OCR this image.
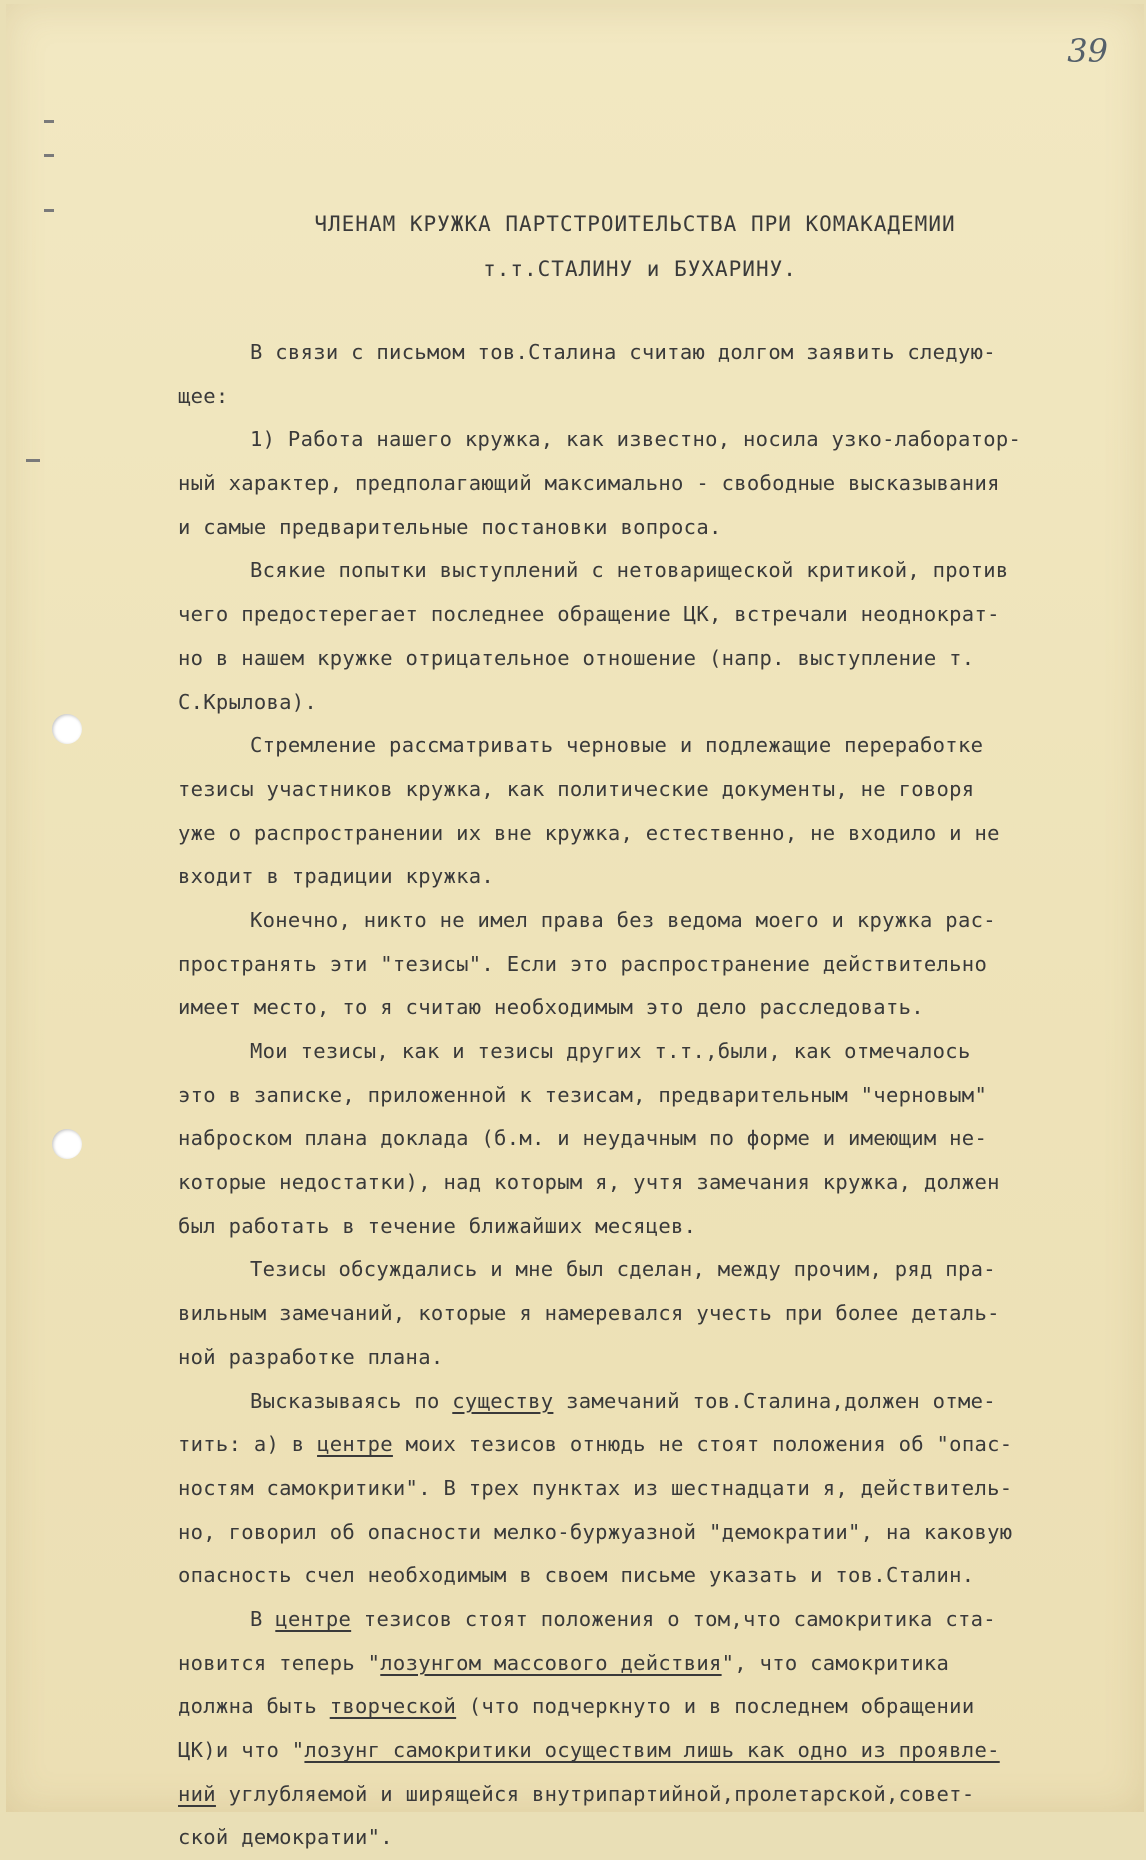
39
ЧЛЕНАМ КРУЖКА ПАРТСТРОИТЕЛЬСТВА ПРИ КОМАКАДЕМИИ
т.т.СТАЛИНУ и БУХАРИНУ.
В связи с письмом тов.Сталина считаю долгом заявить следую-
щее:
1) Работа нашего кружка, как известно, носила узко-лаборатор-
ный характер, предполагающий максимально - свободные высказывания
и самые предварительные постановки вопроса.
Всякие попытки выступлений с нетоварищеской критикой, против
чего предостерегает последнее обращение ЦК, встречали неоднократ-
но в нашем кружке отрицательное отношение (напр. выступление т.
С.Крылова).
Стремление рассматривать черновые и подлежащие переработке
тезисы участников кружка, как политические документы, не говоря
уже о распространении их вне кружка, естественно, не входило и не
входит в традиции кружка.
Конечно, никто не имел права без ведома моего и кружка рас-
пространять эти "тезисы". Если это распространение действительно
имеет место, то я считаю необходимым это дело расследовать.
Мои тезисы, как и тезисы других т.т.,были, как отмечалось
это в записке, приложенной к тезисам, предварительным "черновым"
наброском плана доклада (б.м. и неудачным по форме и имеющим не-
которые недостатки), над которым я, учтя замечания кружка, должен
был работать в течение ближайших месяцев.
Тезисы обсуждались и мне был сделан, между прочим, ряд пра-
вильным замечаний, которые я намеревался учесть при более деталь-
ной разработке плана.
Высказываясь по существу замечаний тов.Сталина,должен отме-
тить: а) в центре моих тезисов отнюдь не стоят положения об "опас-
ностям самокритики". В трех пунктах из шестнадцати я, действитель-
но, говорил об опасности мелко-буржуазной "демократии", на каковую
опасность счел необходимым в своем письме указать и тов.Сталин.
В центре тезисов стоят положения о том,что самокритика ста-
новится теперь "лозунгом массового действия", что самокритика
должна быть творческой (что подчеркнуто и в последнем обращении
ЦК)и что "лозунг самокритики осуществим лишь как одно из проявле-
ний углубляемой и ширящейся внутрипартийной,пролетарской,совет-
ской демократии".
